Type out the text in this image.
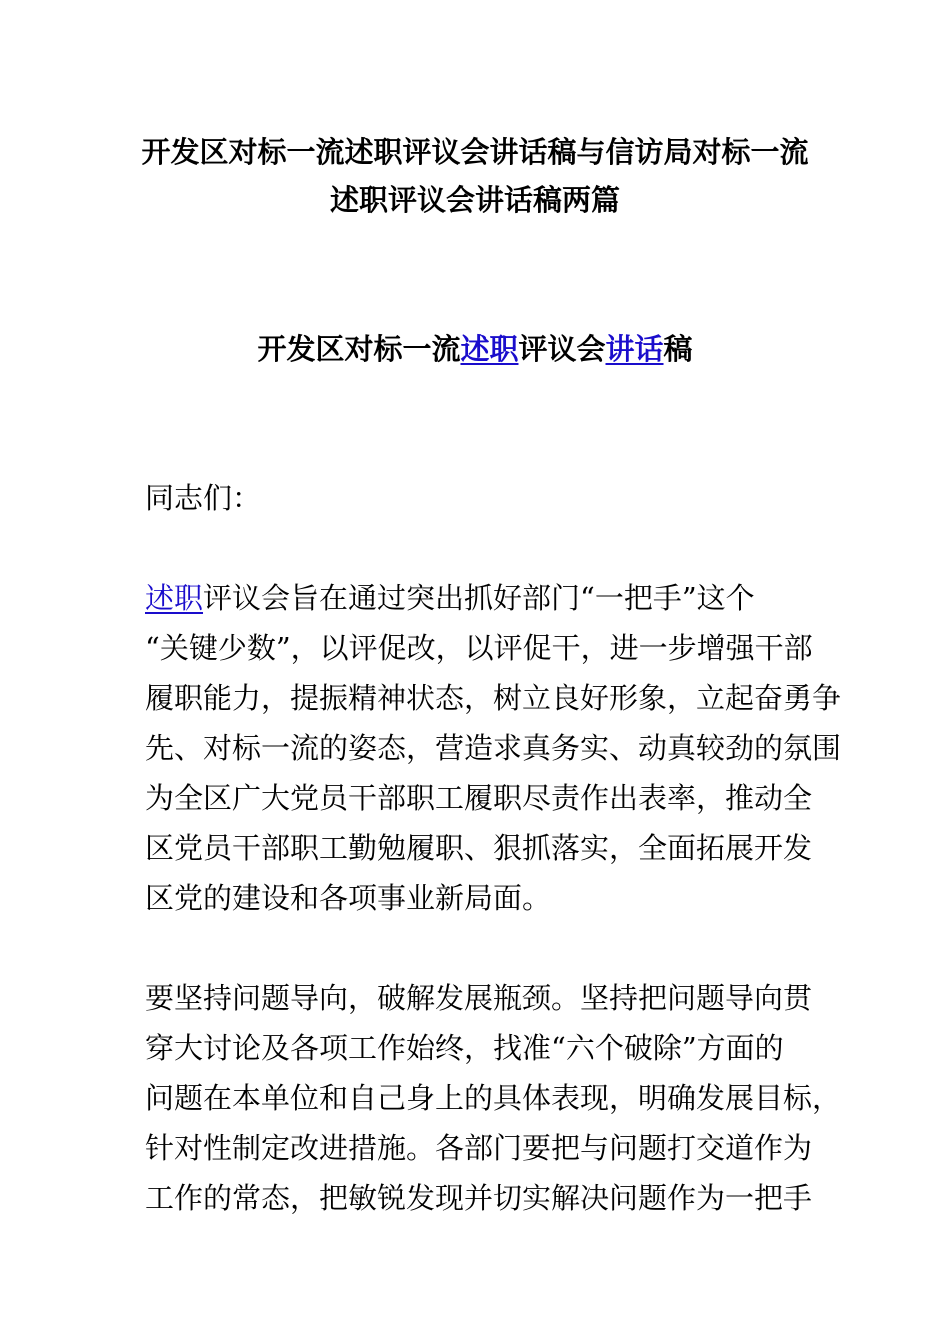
开发区对标一流述职评议会讲话稿与信访局对标一流
述职评议会讲话稿两篇
开发区对标一流述职评议会讲话稿
同志们：
述职评议会旨在通过突出抓好部门“一把手”这个
“关键少数”，以评促改，以评促干，进一步增强干部
履职能力，提振精神状态，树立良好形象，立起奋勇争
先、对标一流的姿态，营造求真务实、动真较劲的氛围
为全区广大党员干部职工履职尽责作出表率，推动全
区党员干部职工勤勉履职、狠抓落实，全面拓展开发
区党的建设和各项事业新局面。
要坚持问题导向，破解发展瓶颈。坚持把问题导向贯
穿大讨论及各项工作始终，找准“六个破除”方面的
问题在本单位和自己身上的具体表现，明确发展目标，
针对性制定改进措施。各部门要把与问题打交道作为
工作的常态，把敏锐发现并切实解决问题作为一把手
